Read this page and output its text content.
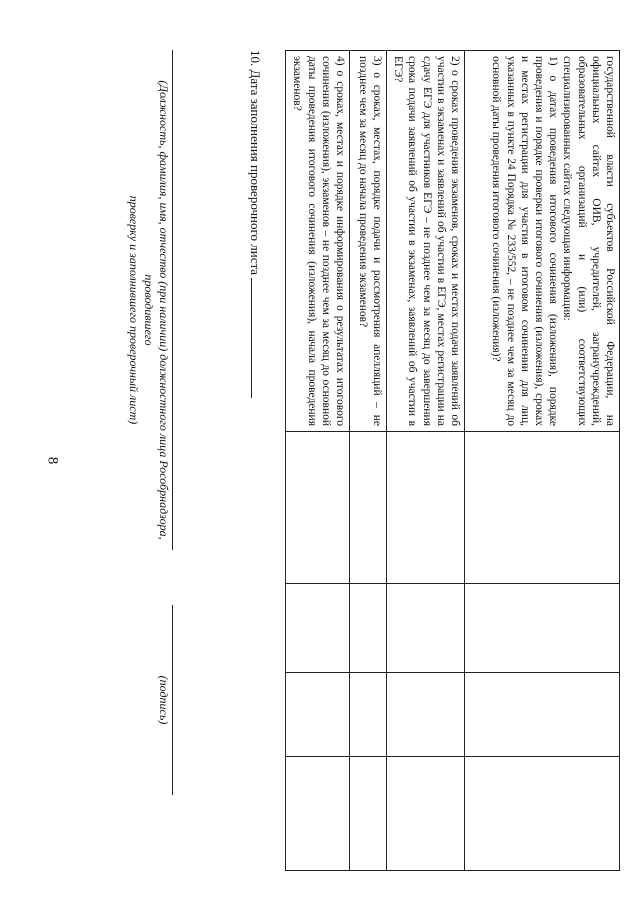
8
государственной власти субъектов Российской Федерации, на официальных сайтах ОИВ, учредителей, загранучреждений, образовательных организаций и (или) соответствующих специализированных сайтах следующая информация:
1) о датах проведения итогового сочинения (изложения), порядке проведения и порядке проверки итогового сочинения (изложения), сроках и местах регистрации для участия в итоговом сочинении для лиц, указанных в пункте 24 Порядка № 233/552, – не позднее чем за месяц до основной даты проведения итогового сочинения (изложения)?				

2) о сроках проведения экзаменов, сроках и местах подачи заявлений об участии в экзаменах и заявлений об участии в ЕГЭ, местах регистрации на сдачу ЕГЭ для участников ЕГЭ – не позднее чем за месяц до завершения срока подачи заявлений об участии в экзаменах, заявлений об участии в ЕГЭ?				

3) о сроках, местах, порядке подачи и рассмотрения апелляций – не позднее чем за месяц до начала проведения экзаменов?				

4) о сроках, местах и порядке информирования о результатах итогового сочинения (изложения), экзаменов – не позднее чем за месяц до основной даты проведения итогового сочинения (изложения), начала проведения экзаменов?				

10. Дата заполнения проверочного листа
(Должность, фамилия, имя, отчество (при наличии) должностного лица Рособрнадзора, проводившего
проверку и заполнившего проверочный лист)
(подпись)
